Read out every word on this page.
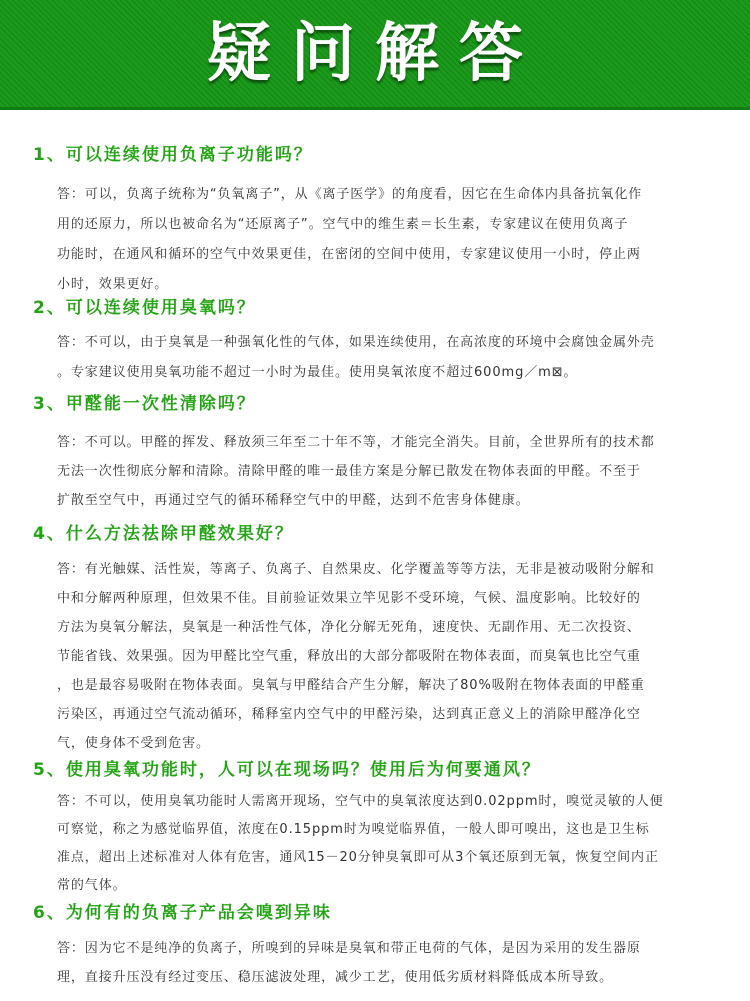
疑问解答
1、可以连续使用负离子功能吗？

答：可以，负离子统称为“负氧离子”，从《离子医学》的角度看，因它在生命体内具备抗氧化作

用的还原力，所以也被命名为“还原离子”。空气中的维生素＝长生素，专家建议在使用负离子

功能时，在通风和循环的空气中效果更佳，在密闭的空间中使用，专家建议使用一小时，停止两

小时，效果更好。

2、可以连续使用臭氧吗？

答：不可以，由于臭氧是一种强氧化性的气体，如果连续使用，在高浓度的环境中会腐蚀金属外壳

。专家建议使用臭氧功能不超过一小时为最佳。使用臭氧浓度不超过600mg／m⊠。

3、甲醛能一次性清除吗？

答：不可以。甲醛的挥发、释放须三年至二十年不等，才能完全消失。目前，全世界所有的技术都

无法一次性彻底分解和清除。清除甲醛的唯一最佳方案是分解已散发在物体表面的甲醛。不至于

扩散至空气中，再通过空气的循环稀释空气中的甲醛，达到不危害身体健康。

4、什么方法祛除甲醛效果好？

答：有光触媒、活性炭，等离子、负离子、自然果皮、化学覆盖等等方法，无非是被动吸附分解和

中和分解两种原理，但效果不佳。目前验证效果立竿见影不受环境，气候、温度影响。比较好的

方法为臭氧分解法，臭氧是一种活性气体，净化分解无死角，速度快、无副作用、无二次投资、

节能省钱、效果强。因为甲醛比空气重，释放出的大部分都吸附在物体表面，而臭氧也比空气重

，也是最容易吸附在物体表面。臭氧与甲醛结合产生分解，解决了80%吸附在物体表面的甲醛重

污染区，再通过空气流动循环，稀释室内空气中的甲醛污染，达到真正意义上的消除甲醛净化空

气，使身体不受到危害。

5、使用臭氧功能时，人可以在现场吗？使用后为何要通风？

答：不可以，使用臭氧功能时人需离开现场，空气中的臭氧浓度达到0.02ppm时，嗅觉灵敏的人便

可察觉，称之为感觉临界值，浓度在0.15ppm时为嗅觉临界值，一般人即可嗅出，这也是卫生标

准点，超出上述标准对人体有危害，通风15－20分钟臭氧即可从3个氧还原到无氧，恢复空间内正

常的气体。

6、为何有的负离子产品会嗅到异味

答：因为它不是纯净的负离子，所嗅到的异味是臭氧和带正电荷的气体，是因为采用的发生器原

理，直接升压没有经过变压、稳压滤波处理，减少工艺，使用低劣质材料降低成本所导致。
